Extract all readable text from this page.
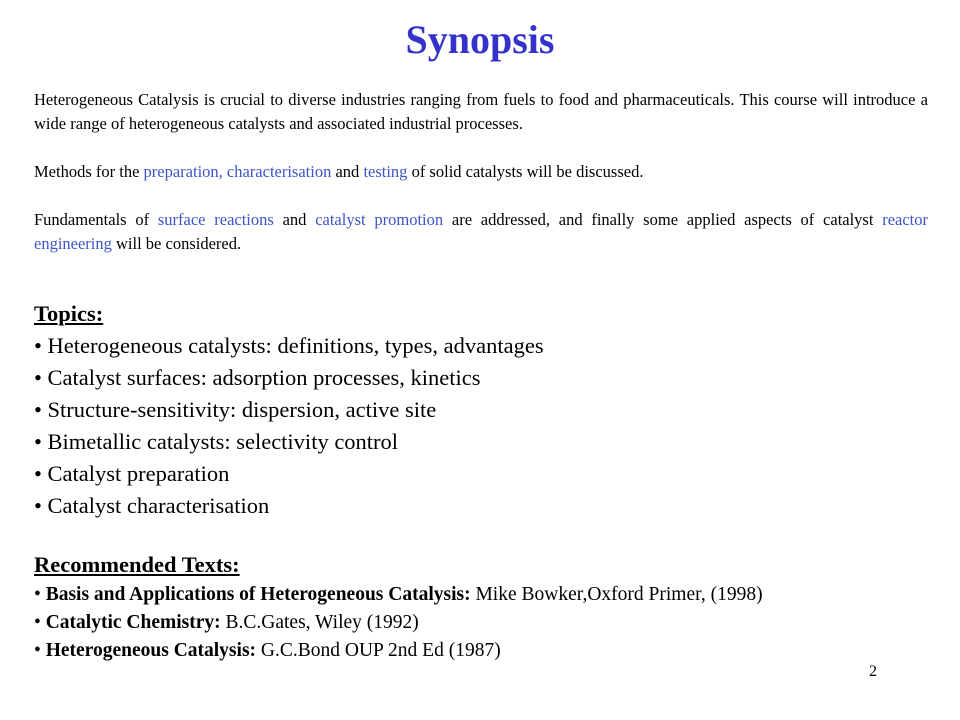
Synopsis

Heterogeneous Catalysis is crucial to diverse industries ranging from fuels to food and pharmaceuticals. This course will introduce a wide range of heterogeneous catalysts and associated industrial processes.

Methods for the preparation, characterisation and testing of solid catalysts will be discussed.

Fundamentals of surface reactions and catalyst promotion are addressed, and finally some applied aspects of catalyst reactor engineering will be considered.

Topics:
• Heterogeneous catalysts: definitions, types, advantages
• Catalyst surfaces: adsorption processes, kinetics
• Structure-sensitivity: dispersion, active site
• Bimetallic catalysts: selectivity control
• Catalyst preparation
• Catalyst characterisation
Recommended Texts:
• Basis and Applications of Heterogeneous Catalysis: Mike Bowker,Oxford Primer, (1998)
• Catalytic Chemistry: B.C.Gates, Wiley (1992)
• Heterogeneous Catalysis: G.C.Bond OUP 2nd Ed (1987)
2
